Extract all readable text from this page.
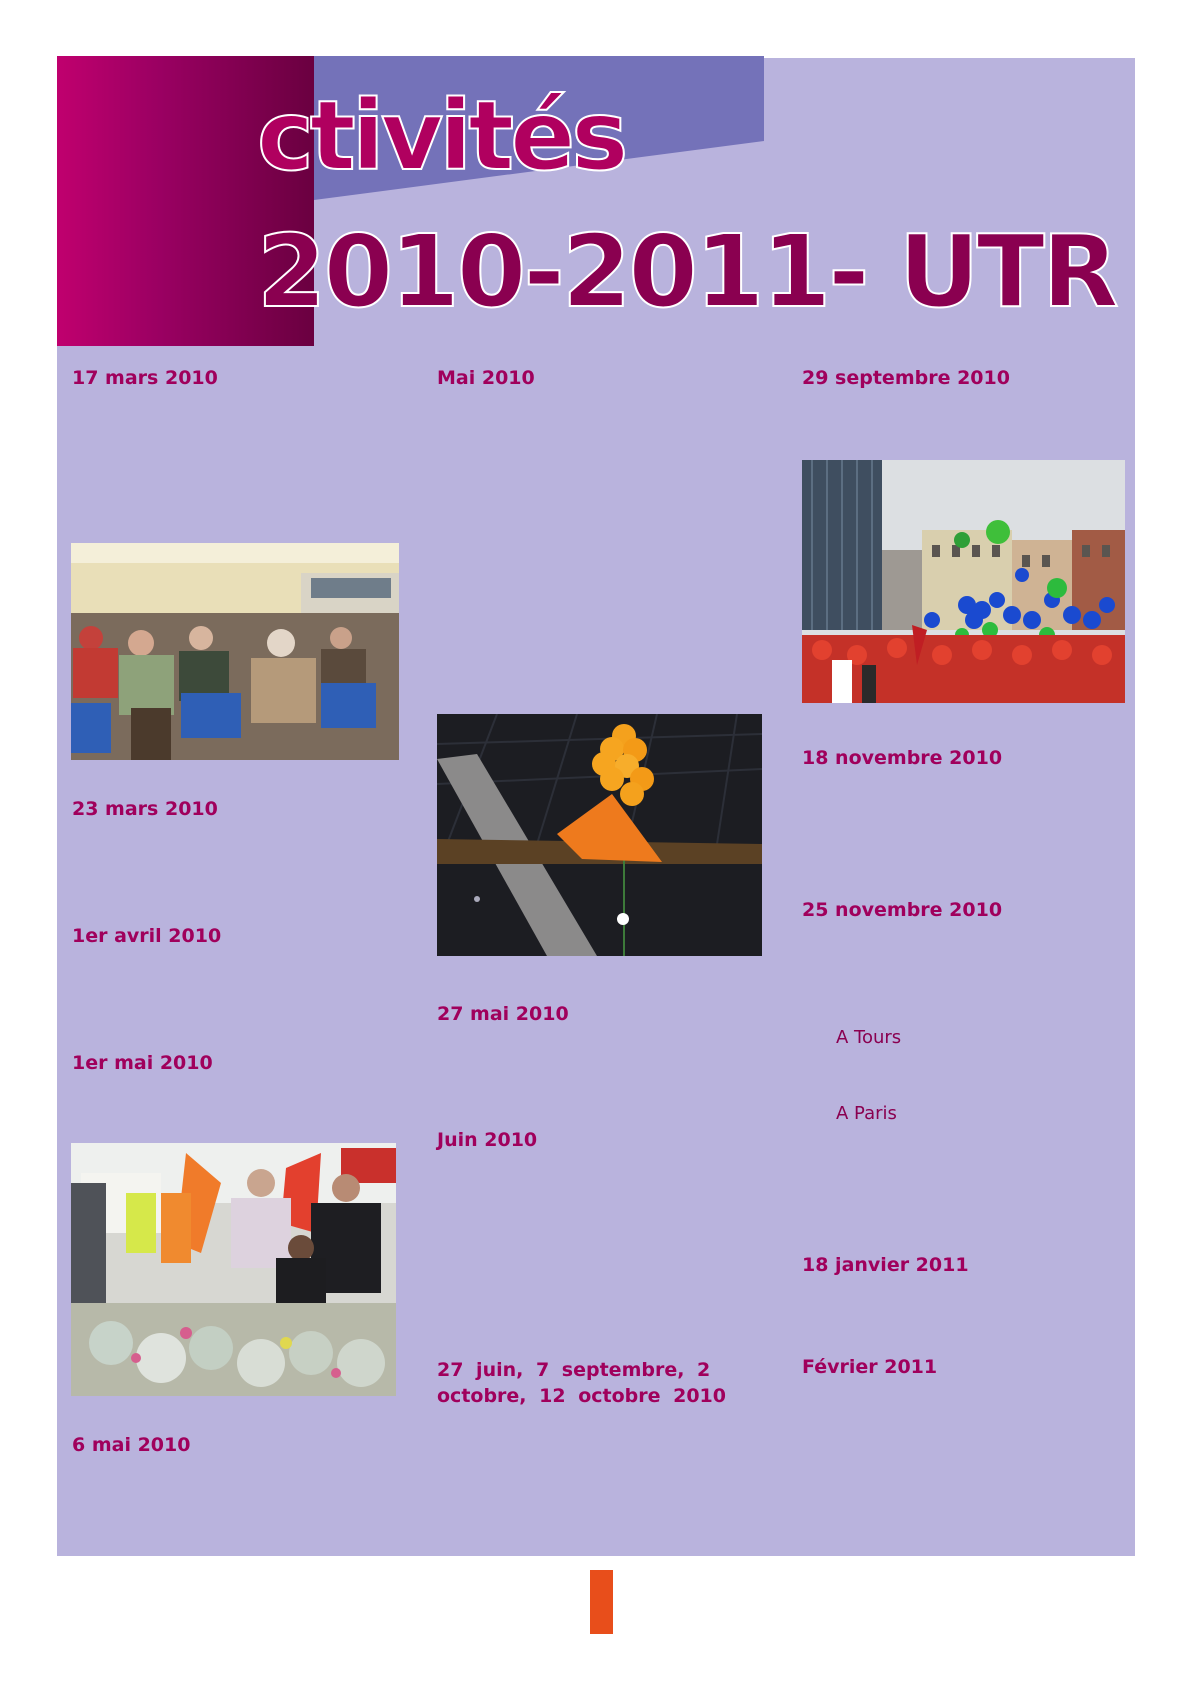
ctivités
2010-2011- UTR
17 mars 2010
23 mars 2010
1er avril 2010
1er mai 2010
6 mai 2010
Mai 2010
27 mai 2010
Juin 2010
27 juin, 7 septembre, 2 octobre, 12 octobre 2010
29 septembre 2010
18 novembre 2010
25 novembre 2010
A Tours
A Paris
18 janvier 2011
Février 2011
